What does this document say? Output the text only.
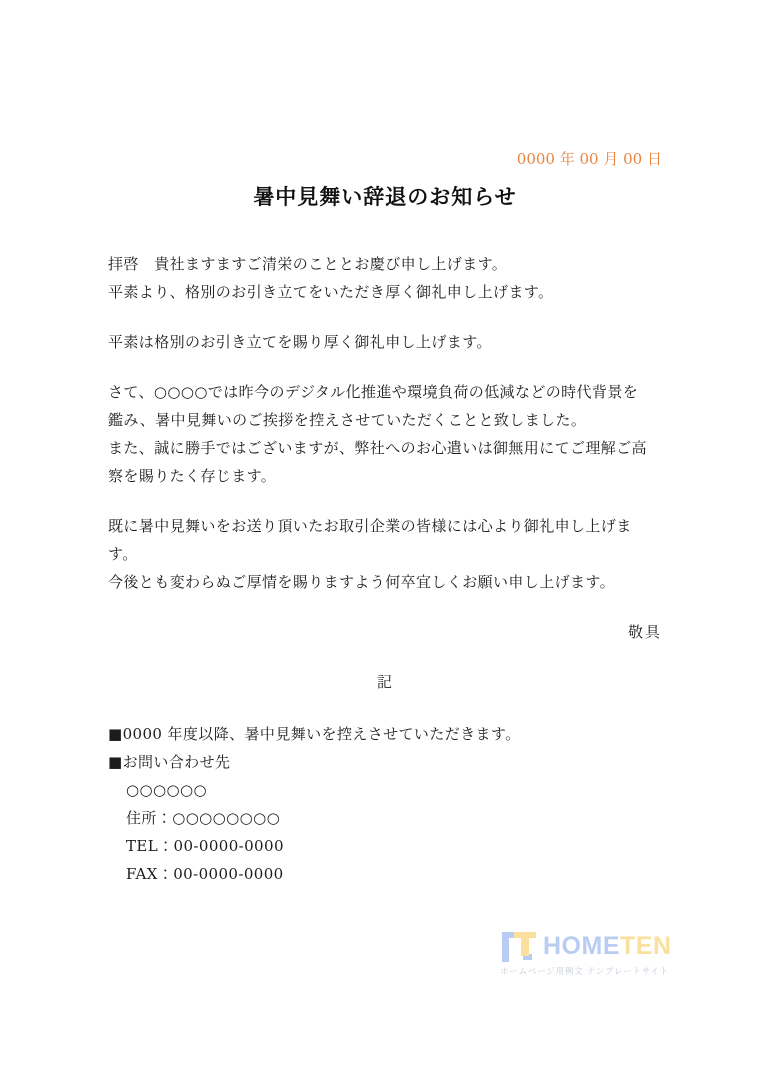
0000 年 00 月 00 日
暑中見舞い辞退のお知らせ
拝啓　貴社ますますご清栄のこととお慶び申し上げます。
平素より、格別のお引き立てをいただき厚く御礼申し上げます。
平素は格別のお引き立てを賜り厚く御礼申し上げます。
さて、○○○○では昨今のデジタル化推進や環境負荷の低減などの時代背景を
鑑み、暑中見舞いのご挨拶を控えさせていただくことと致しました。
また、誠に勝手ではございますが、弊社へのお心遣いは御無用にてご理解ご高
察を賜りたく存じます。
既に暑中見舞いをお送り頂いたお取引企業の皆様には心より御礼申し上げま
す。
今後とも変わらぬご厚情を賜りますよう何卒宜しくお願い申し上げます。
敬具
記
■0000 年度以降、暑中見舞いを控えさせていただきます。
■お問い合わせ先
○○○○○○
住所：○○○○○○○○
TEL：00-0000-0000
FAX：00-0000-0000
HOMETEN
ホームページ用例文 テンプレートサイト
